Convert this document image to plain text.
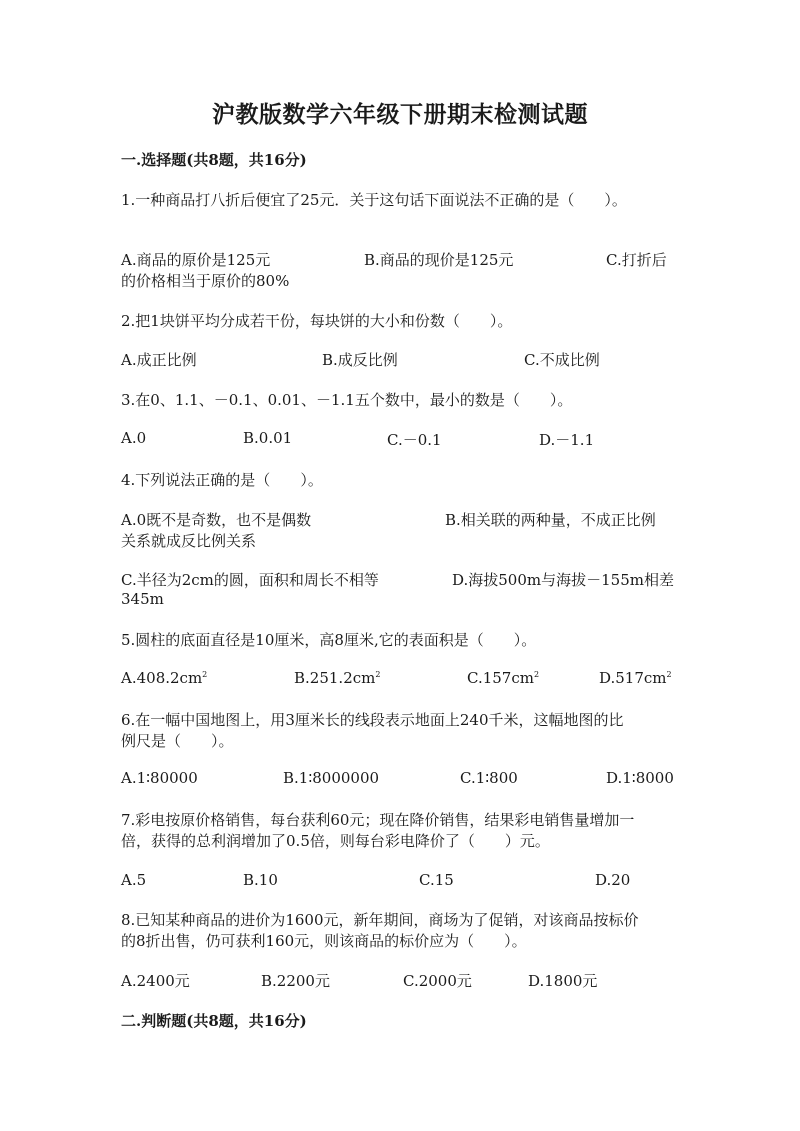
沪教版数学六年级下册期末检测试题
一.选择题(共8题，共16分)
1.一种商品打八折后便宜了25元．关于这句话下面说法不正确的是（　　）。
A.商品的原价是125元	B.商品的现价是125元	C.打折后
的价格相当于原价的80%
2.把1块饼平均分成若干份，每块饼的大小和份数（　　）。
A.成正比例	B.成反比例	C.不成比例
3.在0、1.1、－0.1、0.01、－1.1五个数中，最小的数是（　　）。
A.0	B.0.01	C.－0.1	D.－1.1
4.下列说法正确的是（　　）。
A.0既不是奇数，也不是偶数	B.相关联的两种量，不成正比例
关系就成反比例关系
C.半径为2cm的圆，面积和周长不相等	D.海拔500m与海拔－155m相差
345m
5.圆柱的底面直径是10厘米，高8厘米,它的表面积是（　　）。
$A.408.2cm^2$	$B.251.2cm^2$	$C.157cm^2$	$D.517cm^2$
6.在一幅中国地图上，用3厘米长的线段表示地面上240千米，这幅地图的比
例尺是（　　）。
A.1∶80000	B.1∶8000000	C.1∶800	D.1∶8000
7.彩电按原价格销售，每台获利60元；现在降价销售，结果彩电销售量增加一
倍，获得的总利润增加了0.5倍，则每台彩电降价了（　　）元。
A.5	B.10	C.15	D.20
8.已知某种商品的进价为1600元，新年期间，商场为了促销，对该商品按标价
的8折出售，仍可获利160元，则该商品的标价应为（　　）。
A.2400元	B.2200元	C.2000元	D.1800元
二.判断题(共8题，共16分)
